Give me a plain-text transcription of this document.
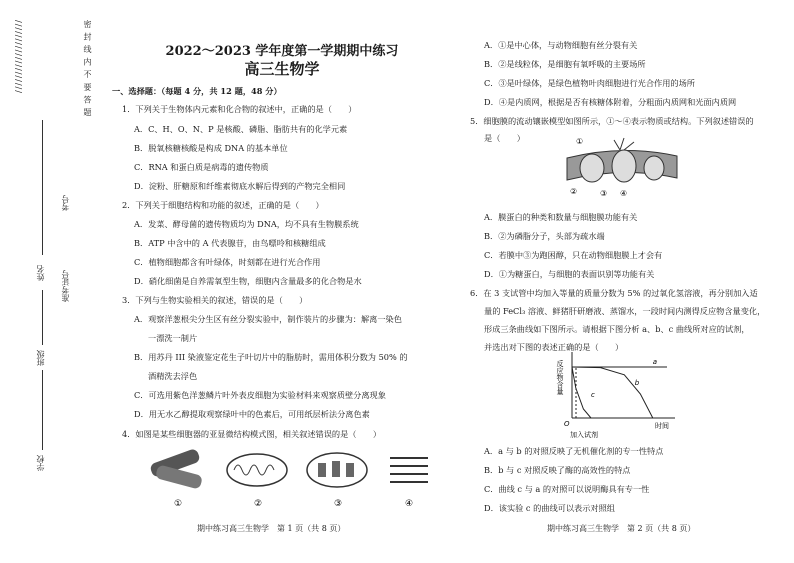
////////////////////
学校
班级
姓名 准考证号
考号
密 封 线 内 不 要 答 题	2022～2023 学年度第一学期期中练习
高三生物学
一、选择题：（每题 4 分，共 12 题，48 分）
1．下列关于生物体内元素和化合物的叙述中，正确的是（　　）
A．C、H、O、N、P 是核酸、磷脂、脂肪共有的化学元素
B．脱氧核糖核酸是构成 DNA 的基本单位
C．RNA 和蛋白质是病毒的遗传物质
D．淀粉、肝糖原和纤维素彻底水解后得到的产物完全相同
2．下列关于细胞结构和功能的叙述，正确的是（　　）
A．发菜、酵母菌的遗传物质均为 DNA，均不具有生物膜系统
B．ATP 中含中的 A 代表腺苷，由鸟嘌呤和核糖组成
C．植物细胞都含有叶绿体，时刻都在进行光合作用
D．硝化细菌是自养需氧型生物，细胞内含量最多的化合物是水
3．下列与生物实验相关的叙述，错误的是（　　）
A．观察洋葱根尖分生区有丝分裂实验中，制作装片的步骤为：解离一染色
一漂洗一制片
B．用苏丹 III 染液鉴定花生子叶切片中的脂肪时，需用体积分数为 50% 的
酒精洗去浮色
C．可选用紫色洋葱鳞片叶外表皮细胞为实验材料来观察质壁分离现象
D．用无水乙醇提取观察绿叶中的色素后，可用纸层析法分离色素
4．如图是某些细胞器的亚显微结构模式图，相关叙述错误的是（　　）
①	②	③	④
期中练习高三生物学　第 1 页（共 8 页）
A．①是中心体，与动物细胞有丝分裂有关
B．②是线粒体，是细胞有氧呼吸的主要场所
C．③是叶绿体，是绿色植物叶肉细胞进行光合作用的场所
D．④是内质网，根据是否有核糖体附着，分粗面内质网和光面内质网
5．细胞膜的流动镶嵌模型如图所示，①～④表示物质或结构。下列叙述错误的
是（　　）
A．膜蛋白的种类和数量与细胞膜功能有关
B．②为磷脂分子，头部为疏水端
C．若膜中③为跑困醇，只在动物细胞膜上才会有
D．①为糖蛋白，与细胞的表面识别等功能有关
6．在 3 支试管中均加入等量的质量分数为 5% 的过氧化氢溶液，再分别加入适
量的 FeCl₃ 溶液、鲜猪肝研磨液、蒸馏水，一段时间内测得反应物含量变化，
形成三条曲线如下图所示。请根据下图分析 a、b、c 曲线所对应的试剂，
并选出对下图的表述正确的是（　　）
A．a 与 b 的对照反映了无机催化剂的专一性特点
B．b 与 c 对照反映了酶的高效性的特点
C．曲线 c 与 a 的对照可以说明酶具有专一性
D．该实验 c 的曲线可以表示对照组
①
②	③ ④
反应物含量
时间
O
加入试剂
a
b
c
期中练习高三生物学　第 2 页（共 8 页）
